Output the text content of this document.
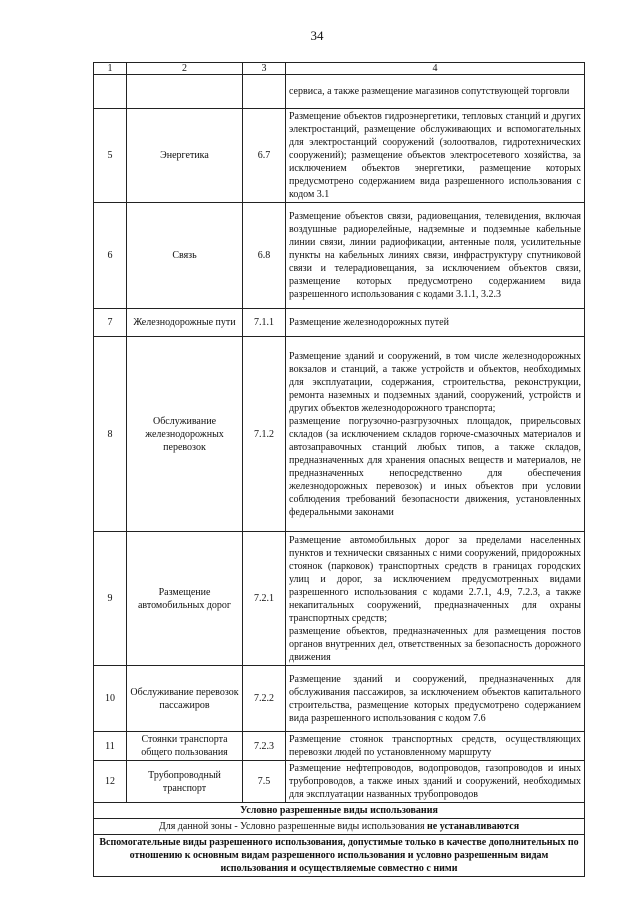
34
1	2	3	4
			сервиса, а также размещение магазинов сопутствующей торговли
5	Энергетика	6.7	Размещение объектов гидроэнергетики, тепловых станций и других электростанций, размещение обслуживающих и вспомогательных для электростанций сооружений (золоотвалов, гидротехнических сооружений); размещение объектов электросетевого хозяйства, за исключением объектов энергетики, размещение которых предусмотрено содержанием вида разрешенного использования с кодом 3.1
6	Связь	6.8	Размещение объектов связи, радиовещания, телевидения, включая воздушные радиорелейные, надземные и подземные кабельные линии связи, линии радиофикации, антенные поля, усилительные пункты на кабельных линиях связи, инфраструктуру спутниковой связи и телерадиовещания, за исключением объектов связи, размещение которых предусмотрено содержанием вида разрешенного использования с кодами 3.1.1, 3.2.3
7	Железнодорожные пути	7.1.1	Размещение железнодорожных путей
8	Обслуживание железнодорожных перевозок	7.1.2	Размещение зданий и сооружений, в том числе железнодорожных вокзалов и станций, а также устройств и объектов, необходимых для эксплуатации, содержания, строительства, реконструкции, ремонта наземных и подземных зданий, сооружений, устройств и других объектов железнодорожного транспорта;
размещение погрузочно-разгрузочных площадок, прирельсовых складов (за исключением складов горюче-смазочных материалов и автозаправочных станций любых типов, а также складов, предназначенных для хранения опасных веществ и материалов, не предназначенных непосредственно для обеспечения железнодорожных перевозок) и иных объектов при условии соблюдения требований безопасности движения, установленных федеральными законами

9	Размещение автомобильных дорог	7.2.1	Размещение автомобильных дорог за пределами населенных пунктов и технически связанных с ними сооружений, придорожных стоянок (парковок) транспортных средств в границах городских улиц и дорог, за исключением предусмотренных видами разрешенного использования с кодами 2.7.1, 4.9, 7.2.3, а также некапитальных сооружений, предназначенных для охраны транспортных средств;
размещение объектов, предназначенных для размещения постов органов внутренних дел, ответственных за безопасность дорожного движения

10	Обслуживание перевозок пассажиров	7.2.2	Размещение зданий и сооружений, предназначенных для обслуживания пассажиров, за исключением объектов капитального строительства, размещение которых предусмотрено содержанием вида разрешенного использования с кодом 7.6
11	Стоянки транспорта общего пользования	7.2.3	Размещение стоянок транспортных средств, осуществляющих перевозки людей по установленному маршруту
12	Трубопроводный транспорт	7.5	Размещение нефтепроводов, водопроводов, газопроводов и иных трубопроводов, а также иных зданий и сооружений, необходимых для эксплуатации названных трубопроводов
Условно разрешенные виды использования			
Для данной зоны - Условно разрешенные виды использования не устанавливаются			
Вспомогательные виды разрешенного использования, допустимые только в качестве дополнительных по отношению к основным видам разрешенного использования и условно разрешенным видам использования и осуществляемые совместно с ними			
